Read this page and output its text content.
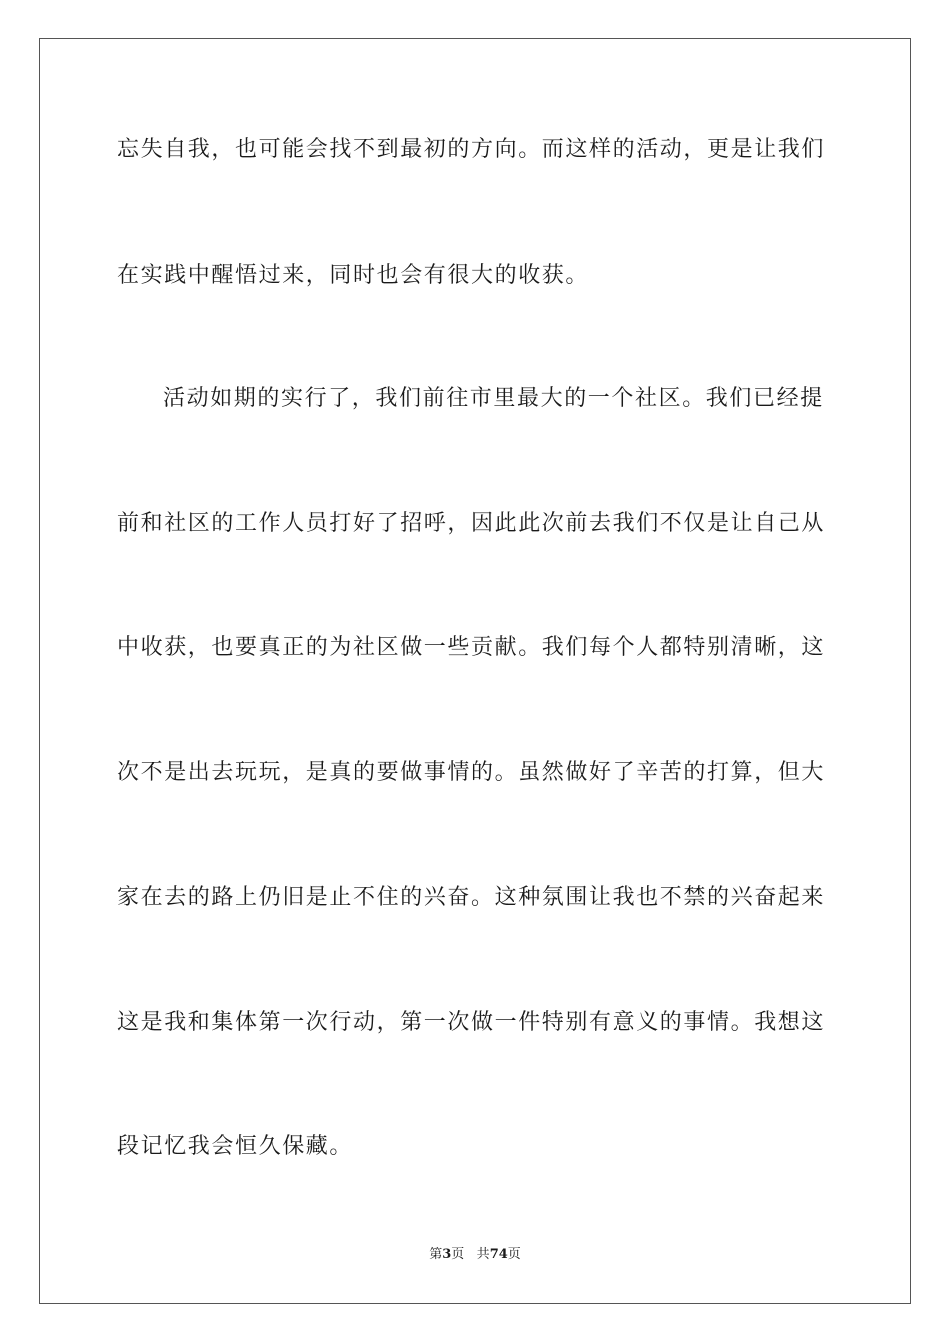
忘失自我，也可能会找不到最初的方向。而这样的活动，更是让我们
在实践中醒悟过来，同时也会有很大的收获。
活动如期的实行了，我们前往市里最大的一个社区。我们已经提
前和社区的工作人员打好了招呼，因此此次前去我们不仅是让自己从
中收获，也要真正的为社区做一些贡献。我们每个人都特别清晰，这
次不是出去玩玩，是真的要做事情的。虽然做好了辛苦的打算，但大
家在去的路上仍旧是止不住的兴奋。这种氛围让我也不禁的兴奋起来
这是我和集体第一次行动，第一次做一件特别有意义的事情。我想这
段记忆我会恒久保藏。
第3页 共74页
